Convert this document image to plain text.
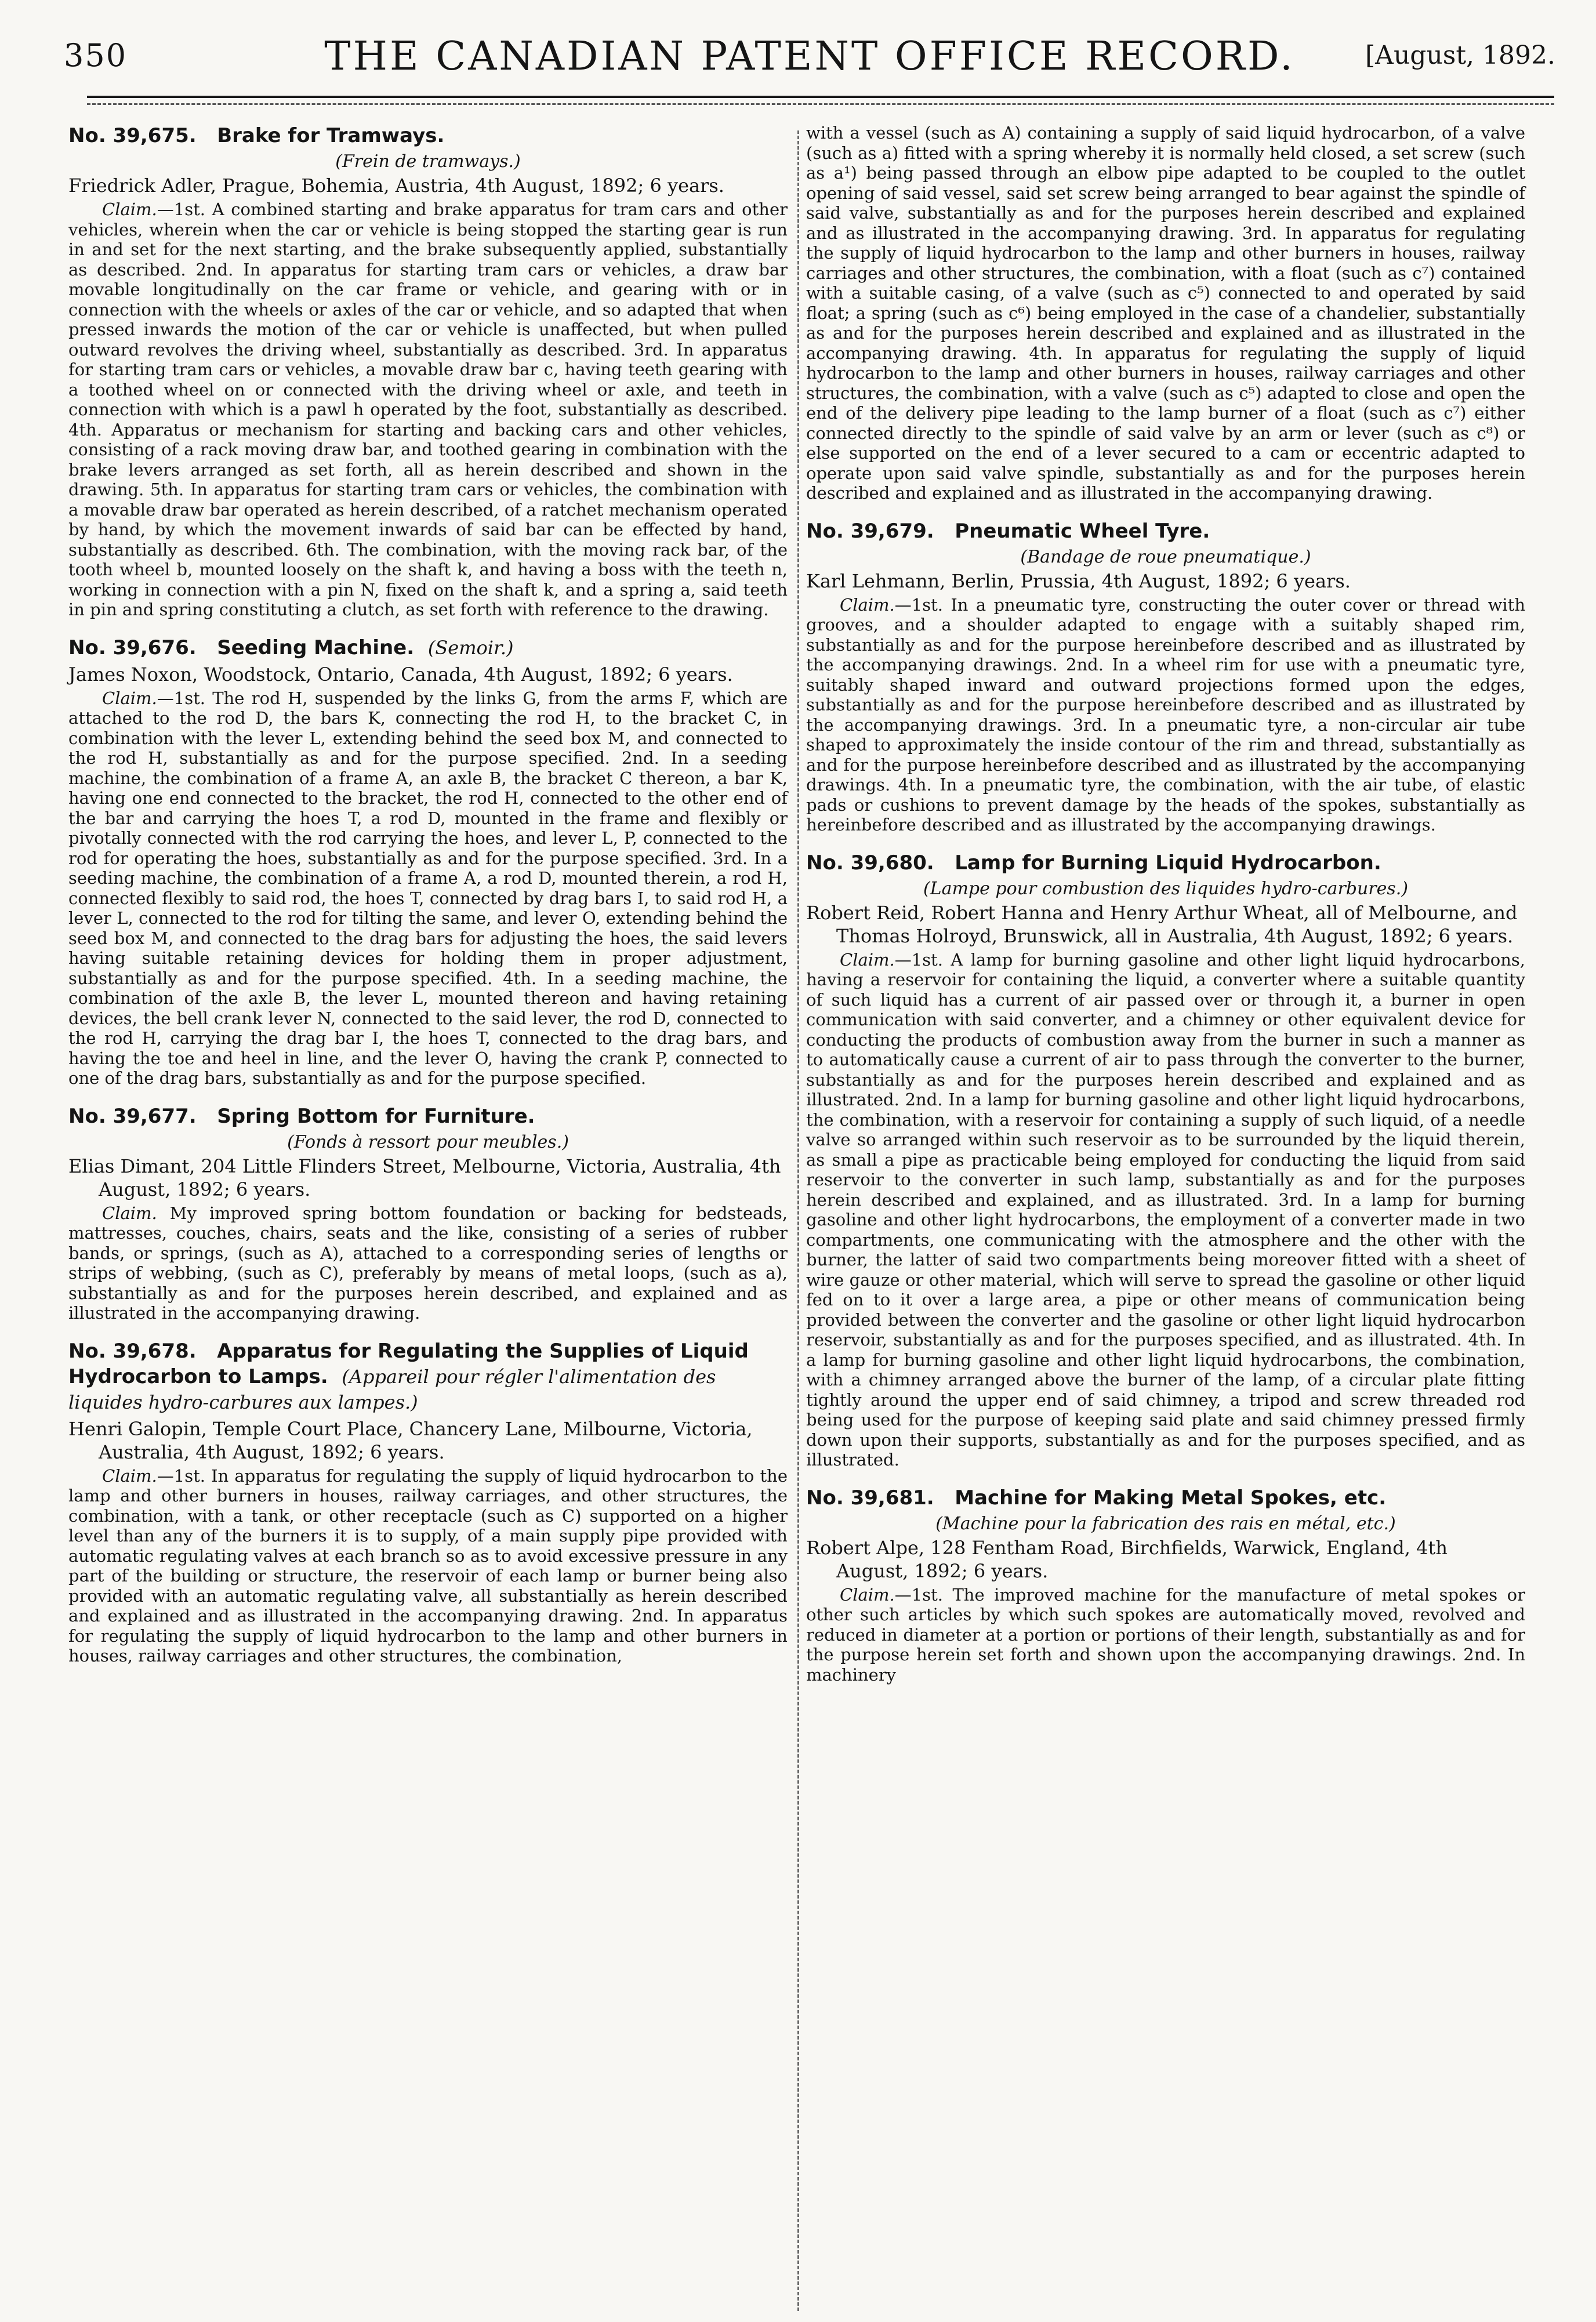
350	THE CANADIAN PATENT OFFICE RECORD.	[August, 1892.
No. 39,675. Brake for Tramways.
(Frein de tramways.)
Friedrick Adler, Prague, Bohemia, Austria, 4th August, 1892; 6 years.

Claim.—1st. A combined starting and brake apparatus for tram cars and other vehicles, wherein when the car or vehicle is being stopped the starting gear is run in and set for the next starting, and the brake subsequently applied, substantially as described. 2nd. In apparatus for starting tram cars or vehicles, a draw bar movable longitudinally on the car frame or vehicle, and gearing with or in connection with the wheels or axles of the car or vehicle, and so adapted that when pressed inwards the motion of the car or vehicle is unaffected, but when pulled outward revolves the driving wheel, substantially as described. 3rd. In apparatus for starting tram cars or vehicles, a movable draw bar c, having teeth gearing with a toothed wheel on or connected with the driving wheel or axle, and teeth in connection with which is a pawl h operated by the foot, substantially as described. 4th. Apparatus or mechanism for starting and backing cars and other vehicles, consisting of a rack moving draw bar, and toothed gearing in combination with the brake levers arranged as set forth, all as herein described and shown in the drawing. 5th. In apparatus for starting tram cars or vehicles, the combination with a movable draw bar operated as herein described, of a ratchet mechanism operated by hand, by which the movement inwards of said bar can be effected by hand, substantially as described. 6th. The combination, with the moving rack bar, of the tooth wheel b, mounted loosely on the shaft k, and having a boss with the teeth n, working in connection with a pin N, fixed on the shaft k, and a spring a, said teeth in pin and spring constituting a clutch, as set forth with reference to the drawing.

No. 39,676. Seeding Machine. (Semoir.)
James Noxon, Woodstock, Ontario, Canada, 4th August, 1892; 6 years.

Claim.—1st. The rod H, suspended by the links G, from the arms F, which are attached to the rod D, the bars K, connecting the rod H, to the bracket C, in combination with the lever L, extending behind the seed box M, and connected to the rod H, substantially as and for the purpose specified. 2nd. In a seeding machine, the combination of a frame A, an axle B, the bracket C thereon, a bar K, having one end connected to the bracket, the rod H, connected to the other end of the bar and carrying the hoes T, a rod D, mounted in the frame and flexibly or pivotally connected with the rod carrying the hoes, and lever L, P, connected to the rod for operating the hoes, substantially as and for the purpose specified. 3rd. In a seeding machine, the combination of a frame A, a rod D, mounted therein, a rod H, connected flexibly to said rod, the hoes T, connected by drag bars I, to said rod H, a lever L, connected to the rod for tilting the same, and lever O, extending behind the seed box M, and connected to the drag bars for adjusting the hoes, the said levers having suitable retaining devices for holding them in proper adjustment, substantially as and for the purpose specified. 4th. In a seeding machine, the combination of the axle B, the lever L, mounted thereon and having retaining devices, the bell crank lever N, connected to the said lever, the rod D, connected to the rod H, carrying the drag bar I, the hoes T, connected to the drag bars, and having the toe and heel in line, and the lever O, having the crank P, connected to one of the drag bars, substantially as and for the purpose specified.

No. 39,677. Spring Bottom for Furniture.
(Fonds à ressort pour meubles.)
Elias Dimant, 204 Little Flinders Street, Melbourne, Victoria, Australia, 4th August, 1892; 6 years.

Claim. My improved spring bottom foundation or backing for bedsteads, mattresses, couches, chairs, seats and the like, consisting of a series of rubber bands, or springs, (such as A), attached to a corresponding series of lengths or strips of webbing, (such as C), preferably by means of metal loops, (such as a), substantially as and for the purposes herein described, and explained and as illustrated in the accompanying drawing.

No. 39,678. Apparatus for Regulating the Supplies of Liquid Hydrocarbon to Lamps. (Appareil pour régler l'alimentation des liquides hydro-carbures aux lampes.)
Henri Galopin, Temple Court Place, Chancery Lane, Milbourne, Victoria, Australia, 4th August, 1892; 6 years.

Claim.—1st. In apparatus for regulating the supply of liquid hydrocarbon to the lamp and other burners in houses, railway carriages, and other structures, the combination, with a tank, or other receptacle (such as C) supported on a higher level than any of the burners it is to supply, of a main supply pipe provided with automatic regulating valves at each branch so as to avoid excessive pressure in any part of the building or structure, the reservoir of each lamp or burner being also provided with an automatic regulating valve, all substantially as herein described and explained and as illustrated in the accompanying drawing. 2nd. In apparatus for regulating the supply of liquid hydrocarbon to the lamp and other burners in houses, railway carriages and other structures, the combination,

with a vessel (such as A) containing a supply of said liquid hydrocarbon, of a valve (such as a) fitted with a spring whereby it is normally held closed, a set screw (such as a¹) being passed through an elbow pipe adapted to be coupled to the outlet opening of said vessel, said set screw being arranged to bear against the spindle of said valve, substantially as and for the purposes herein described and explained and as illustrated in the accompanying drawing. 3rd. In apparatus for regulating the supply of liquid hydrocarbon to the lamp and other burners in houses, railway carriages and other structures, the combination, with a float (such as c⁷) contained with a suitable casing, of a valve (such as c⁵) connected to and operated by said float; a spring (such as c⁶) being employed in the case of a chandelier, substantially as and for the purposes herein described and explained and as illustrated in the accompanying drawing. 4th. In apparatus for regulating the supply of liquid hydrocarbon to the lamp and other burners in houses, railway carriages and other structures, the combination, with a valve (such as c⁵) adapted to close and open the end of the delivery pipe leading to the lamp burner of a float (such as c⁷) either connected directly to the spindle of said valve by an arm or lever (such as c⁸) or else supported on the end of a lever secured to a cam or eccentric adapted to operate upon said valve spindle, substantially as and for the purposes herein described and explained and as illustrated in the accompanying drawing.

No. 39,679. Pneumatic Wheel Tyre.
(Bandage de roue pneumatique.)
Karl Lehmann, Berlin, Prussia, 4th August, 1892; 6 years.

Claim.—1st. In a pneumatic tyre, constructing the outer cover or thread with grooves, and a shoulder adapted to engage with a suitably shaped rim, substantially as and for the purpose hereinbefore described and as illustrated by the accompanying drawings. 2nd. In a wheel rim for use with a pneumatic tyre, suitably shaped inward and outward projections formed upon the edges, substantially as and for the purpose hereinbefore described and as illustrated by the accompanying drawings. 3rd. In a pneumatic tyre, a non-circular air tube shaped to approximately the inside contour of the rim and thread, substantially as and for the purpose hereinbefore described and as illustrated by the accompanying drawings. 4th. In a pneumatic tyre, the combination, with the air tube, of elastic pads or cushions to prevent damage by the heads of the spokes, substantially as hereinbefore described and as illustrated by the accompanying drawings.

No. 39,680. Lamp for Burning Liquid Hydrocarbon.
(Lampe pour combustion des liquides hydro-carbures.)
Robert Reid, Robert Hanna and Henry Arthur Wheat, all of Melbourne, and Thomas Holroyd, Brunswick, all in Australia, 4th August, 1892; 6 years.

Claim.—1st. A lamp for burning gasoline and other light liquid hydrocarbons, having a reservoir for containing the liquid, a converter where a suitable quantity of such liquid has a current of air passed over or through it, a burner in open communication with said converter, and a chimney or other equivalent device for conducting the products of combustion away from the burner in such a manner as to automatically cause a current of air to pass through the converter to the burner, substantially as and for the purposes herein described and explained and as illustrated. 2nd. In a lamp for burning gasoline and other light liquid hydrocarbons, the combination, with a reservoir for containing a supply of such liquid, of a needle valve so arranged within such reservoir as to be surrounded by the liquid therein, as small a pipe as practicable being employed for conducting the liquid from said reservoir to the converter in such lamp, substantially as and for the purposes herein described and explained, and as illustrated. 3rd. In a lamp for burning gasoline and other light hydrocarbons, the employment of a converter made in two compartments, one communicating with the atmosphere and the other with the burner, the latter of said two compartments being moreover fitted with a sheet of wire gauze or other material, which will serve to spread the gasoline or other liquid fed on to it over a large area, a pipe or other means of communication being provided between the converter and the gasoline or other light liquid hydrocarbon reservoir, substantially as and for the purposes specified, and as illustrated. 4th. In a lamp for burning gasoline and other light liquid hydrocarbons, the combination, with a chimney arranged above the burner of the lamp, of a circular plate fitting tightly around the upper end of said chimney, a tripod and screw threaded rod being used for the purpose of keeping said plate and said chimney pressed firmly down upon their supports, substantially as and for the purposes specified, and as illustrated.

No. 39,681. Machine for Making Metal Spokes, etc.
(Machine pour la fabrication des rais en métal, etc.)
Robert Alpe, 128 Fentham Road, Birchfields, Warwick, England, 4th August, 1892; 6 years.

Claim.—1st. The improved machine for the manufacture of metal spokes or other such articles by which such spokes are automatically moved, revolved and reduced in diameter at a portion or portions of their length, substantially as and for the purpose herein set forth and shown upon the accompanying drawings. 2nd. In machinery
